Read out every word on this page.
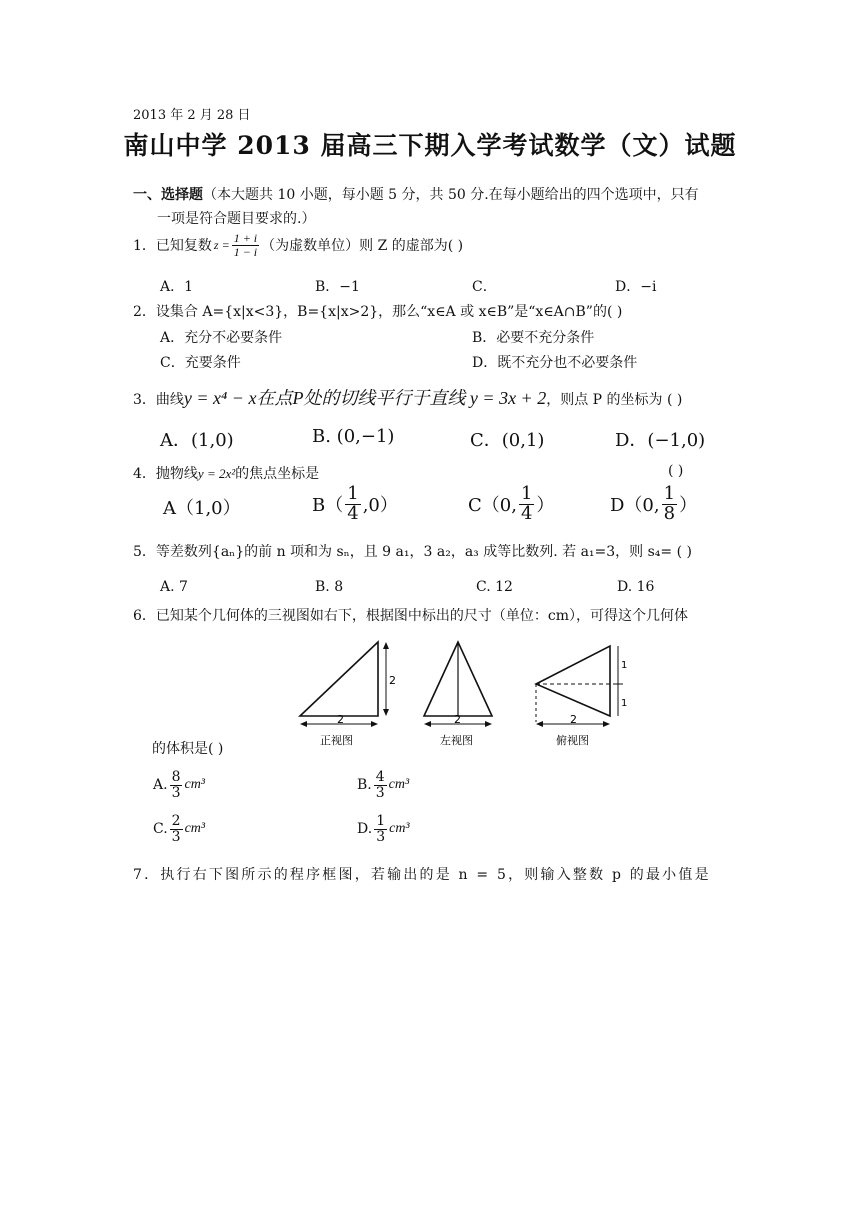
2013 年 2 月 28 日
南山中学 2013 届高三下期入学考试数学（文）试题
一、选择题（本大题共 10 小题，每小题 5 分，共 50 分.在每小题给出的四个选项中，只有
一项是符合题目要求的.）
1． 已知复数 $z = \frac{1 + i}{1 - i}$ （为虚数单位）则 Z 的虚部为( )
A．1	B．−1	C．	D．−i
2．设集合 A={x|x<3}，B={x|x>2}，那么“x∈A 或 x∈B”是“x∈A∩B”的( )
A．充分不必要条件	B．必要不充分条件
C．充要条件	D．既不充分也不必要条件
3．曲线y = x⁴ − x在点P处的切线平行于直线 y = 3x + 2，则点 P 的坐标为 ( )
A．(1,0)	B. (0,−1)	C．(0,1)	D．(−1,0)
4．抛物线y = 2x²的焦点坐标是	( )
A（1,0）	$B( \frac{1}{4} ,0)$	C（0, $\frac{1}{4}$ ）	D（0, $\frac{1}{8}$ ）
5．等差数列{aₙ}的前 n 项和为 sₙ，且 9 a₁，3 a₂，a₃ 成等比数列. 若 a₁=3，则 s₄= ( )
A. 7	B. 8	C. 12	D. 16
6．已知某个几何体的三视图如右下，根据图中标出的尺寸（单位：cm），可得这个几何体
2
2
正视图
2
左视图
1
1
2
俯视图
的体积是( )
A. $\frac{8}{3} cm^3$	B. $\frac{4}{3} cm^3$
C. $\frac{2}{3} cm^3$	D. $\frac{1}{3} cm^3$
7．执行右下图所示的程序框图，若输出的是 n = 5，则输入整数 p 的最小值是
